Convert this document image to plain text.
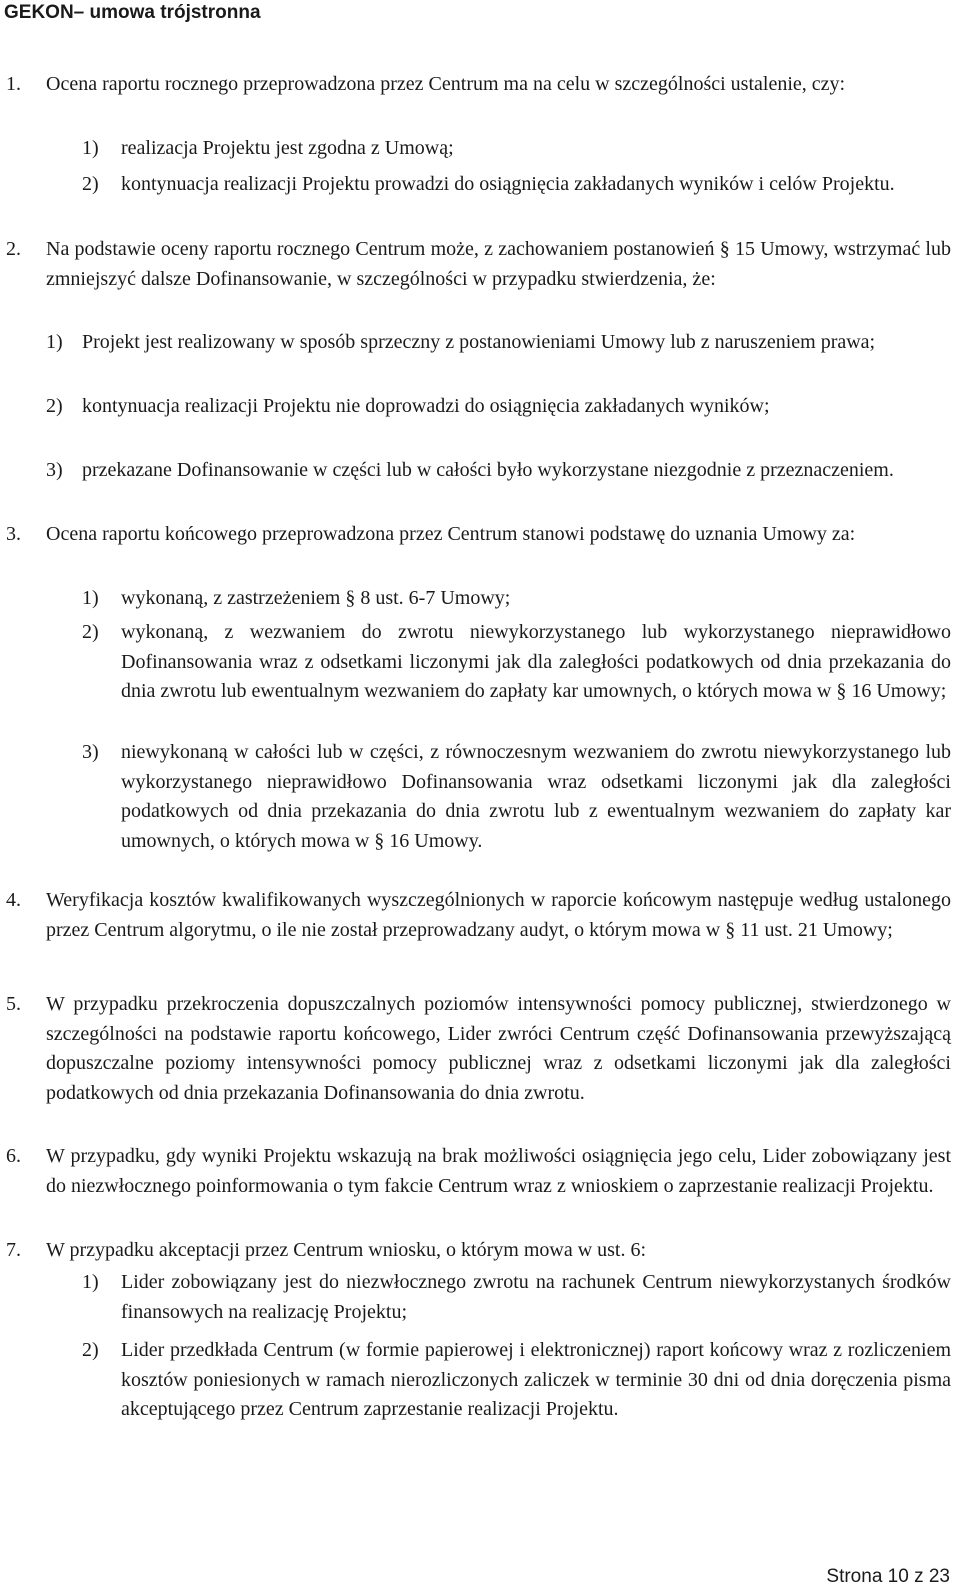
GEKON– umowa trójstronna
1. Ocena raportu rocznego przeprowadzona przez Centrum ma na celu w szczególności ustalenie, czy:
1) realizacja Projektu jest zgodna z Umową;
2) kontynuacja realizacji Projektu prowadzi do osiągnięcia zakładanych wyników i celów Projektu.
2. Na podstawie oceny raportu rocznego Centrum może, z zachowaniem postanowień § 15 Umowy, wstrzymać lub zmniejszyć dalsze Dofinansowanie, w szczególności w przypadku stwierdzenia, że:
1) Projekt jest realizowany w sposób sprzeczny z postanowieniami Umowy lub z naruszeniem prawa;
2) kontynuacja realizacji Projektu nie doprowadzi do osiągnięcia zakładanych wyników;
3) przekazane Dofinansowanie w części lub w całości było wykorzystane niezgodnie z przeznaczeniem.
3. Ocena raportu końcowego przeprowadzona przez Centrum stanowi podstawę do uznania Umowy za:
1) wykonaną, z zastrzeżeniem § 8 ust. 6-7 Umowy;
2) wykonaną, z wezwaniem do zwrotu niewykorzystanego lub wykorzystanego nieprawidłowo Dofinansowania wraz z odsetkami liczonymi jak dla zaległości podatkowych od dnia przekazania do dnia zwrotu lub ewentualnym wezwaniem do zapłaty kar umownych, o których mowa w § 16 Umowy;
3) niewykonaną w całości lub w części, z równoczesnym wezwaniem do zwrotu niewykorzystanego lub wykorzystanego nieprawidłowo Dofinansowania wraz odsetkami liczonymi jak dla zaległości podatkowych od dnia przekazania do dnia zwrotu lub z ewentualnym wezwaniem do zapłaty kar umownych, o których mowa w § 16 Umowy.
4. Weryfikacja kosztów kwalifikowanych wyszczególnionych w raporcie końcowym następuje według ustalonego przez Centrum algorytmu, o ile nie został przeprowadzany audyt, o którym mowa w § 11 ust. 21 Umowy;
5. W przypadku przekroczenia dopuszczalnych poziomów intensywności pomocy publicznej, stwierdzonego w szczególności na podstawie raportu końcowego, Lider zwróci Centrum część Dofinansowania przewyższającą dopuszczalne poziomy intensywności pomocy publicznej wraz z odsetkami liczonymi jak dla zaległości podatkowych od dnia przekazania Dofinansowania do dnia zwrotu.
6. W przypadku, gdy wyniki Projektu wskazują na brak możliwości osiągnięcia jego celu, Lider zobowiązany jest do niezwłocznego poinformowania o tym fakcie Centrum wraz z wnioskiem o zaprzestanie realizacji Projektu.
7. W przypadku akceptacji przez Centrum wniosku, o którym mowa w ust. 6:
1) Lider zobowiązany jest do niezwłocznego zwrotu na rachunek Centrum niewykorzystanych środków finansowych na realizację Projektu;
2) Lider przedkłada Centrum (w formie papierowej i elektronicznej) raport końcowy wraz z rozliczeniem kosztów poniesionych w ramach nierozliczonych zaliczek w terminie 30 dni od dnia doręczenia pisma akceptującego przez Centrum zaprzestanie realizacji Projektu.
Strona 10 z 23
